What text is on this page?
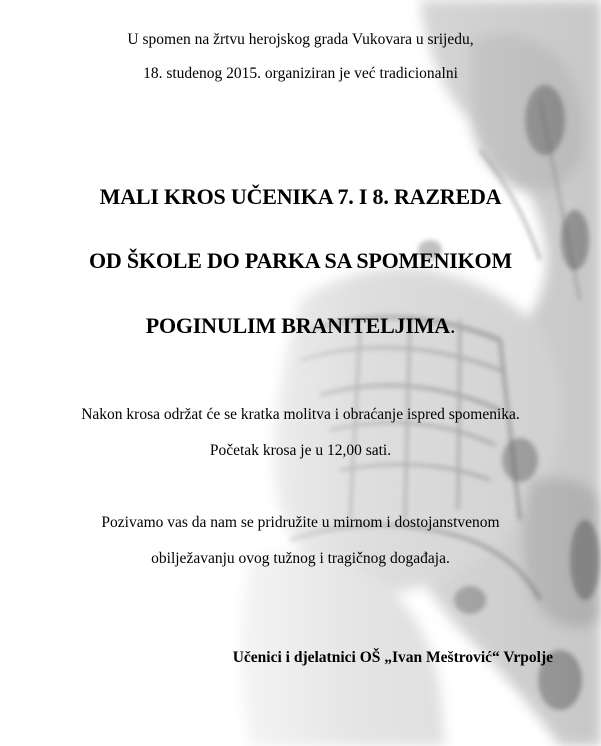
U spomen na žrtvu herojskog grada Vukovara u srijedu,
18. studenog 2015. organiziran je već tradicionalni
MALI KROS UČENIKA 7. I 8. RAZREDA
OD ŠKOLE DO PARKA SA SPOMENIKOM
POGINULIM BRANITELJIMA.
Nakon krosa održat će se kratka molitva i obraćanje ispred spomenika.
Početak krosa je u 12,00 sati.
Pozivamo vas da nam se pridružite u mirnom i dostojanstvenom
obilježavanju ovog tužnog i tragičnog događaja.
Učenici i djelatnici OŠ „Ivan Meštrović“ Vrpolje
